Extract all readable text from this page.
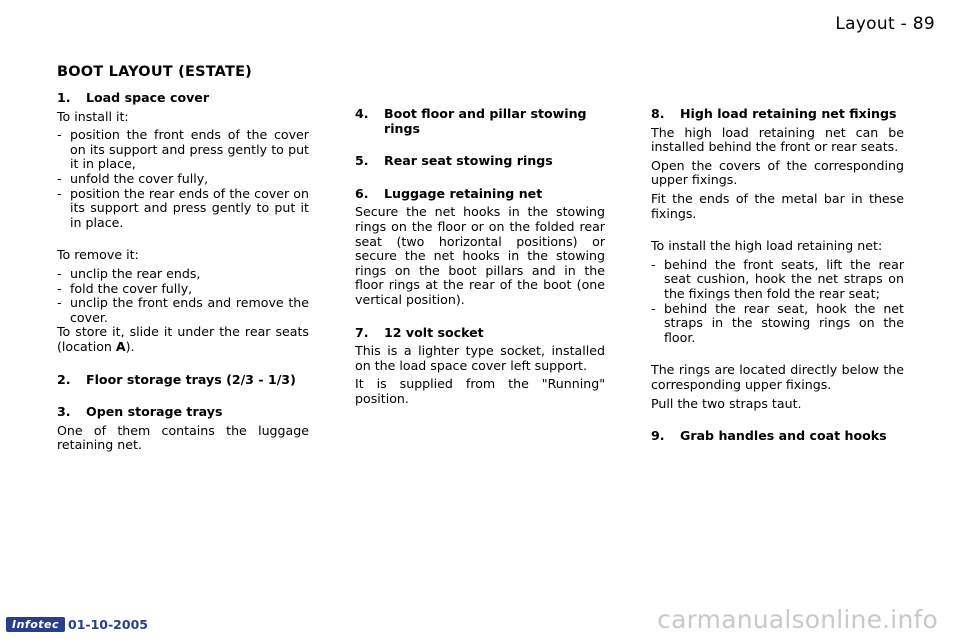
Layout - 89
BOOT LAYOUT (ESTATE)
1.	Load space cover

To install it:

- position the front ends of the cover on its support and press gently to put it in place,
- unfold the cover fully,
- position the rear ends of the cover on its support and press gently to put it in place.

To remove it:

- unclip the rear ends,
- fold the cover fully,
- unclip the front ends and remove the cover.

To store it, slide it under the rear seats (location A).

2.	Floor storage trays (2/3 - 1/3)
3.	Open storage trays

One of them contains the luggage retaining net.

4.	Boot floor and pillar stowing rings
5.	Rear seat stowing rings
6.	Luggage retaining net

Secure the net hooks in the stowing rings on the floor or on the folded rear seat (two horizontal positions) or secure the net hooks in the stowing rings on the boot pillars and in the floor rings at the rear of the boot (one vertical position).

7.	12 volt socket

This is a lighter type socket, installed on the load space cover left support.

It is supplied from the "Running" position.

8.	High load retaining net fixings

The high load retaining net can be installed behind the front or rear seats.

Open the covers of the corresponding upper fixings.

Fit the ends of the metal bar in these fixings.

To install the high load retaining net:

- behind the front seats, lift the rear seat cushion, hook the net straps on the fixings then fold the rear seat;
- behind the rear seat, hook the net straps in the stowing rings on the floor.

The rings are located directly below the corresponding upper fixings.

Pull the two straps taut.

9.	Grab handles and coat hooks
Infotec 01-10-2005	carmanualsonline.info
